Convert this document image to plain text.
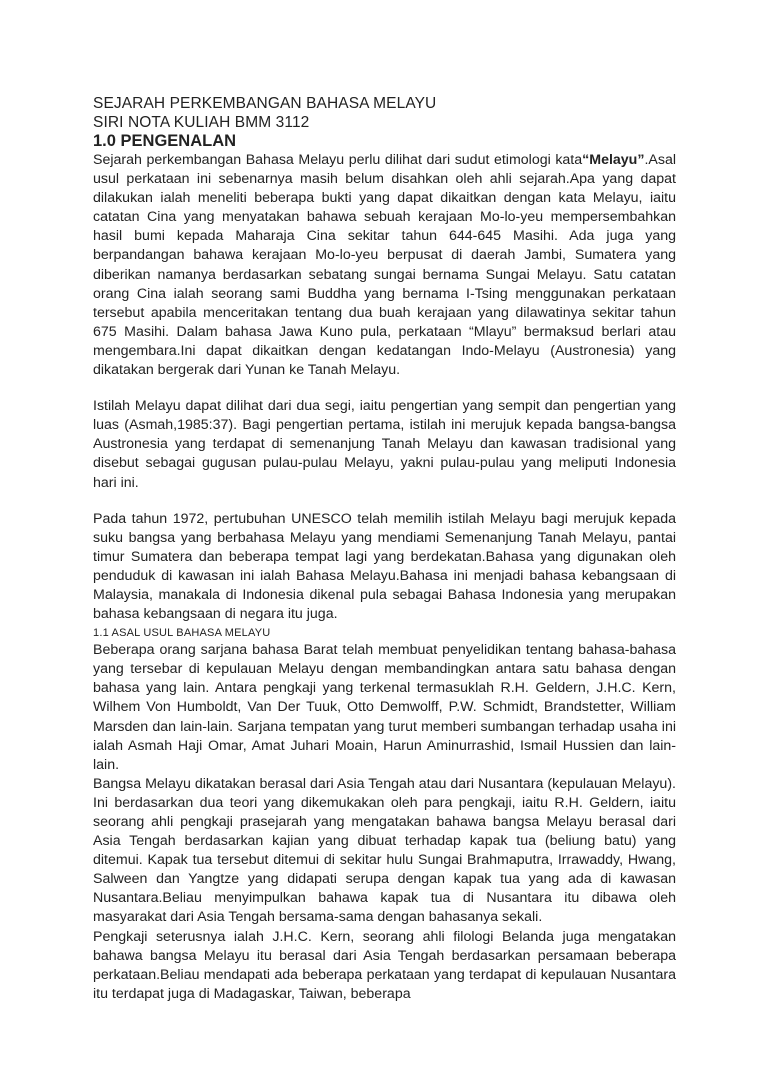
SEJARAH PERKEMBANGAN BAHASA MELAYU

SIRI NOTA KULIAH BMM 3112

1.0 PENGENALAN

Sejarah perkembangan Bahasa Melayu perlu dilihat dari sudut etimologi kata“Melayu”.Asal usul perkataan ini sebenarnya masih belum disahkan oleh ahli sejarah.Apa yang dapat dilakukan ialah meneliti beberapa bukti yang dapat dikaitkan dengan kata Melayu, iaitu catatan Cina yang menyatakan bahawa sebuah kerajaan Mo-lo-yeu mempersembahkan hasil bumi kepada Maharaja Cina sekitar tahun 644-645 Masihi. Ada juga yang berpandangan bahawa kerajaan Mo-lo-yeu berpusat di daerah Jambi, Sumatera yang diberikan namanya berdasarkan sebatang sungai bernama Sungai Melayu. Satu catatan orang Cina ialah seorang sami Buddha yang bernama I-Tsing menggunakan perkataan tersebut apabila menceritakan tentang dua buah kerajaan yang dilawatinya sekitar tahun 675 Masihi. Dalam bahasa Jawa Kuno pula, perkataan “Mlayu” bermaksud berlari atau mengembara.Ini dapat dikaitkan dengan kedatangan Indo-Melayu (Austronesia) yang dikatakan bergerak dari Yunan ke Tanah Melayu.

Istilah Melayu dapat dilihat dari dua segi, iaitu pengertian yang sempit dan pengertian yang luas (Asmah,1985:37). Bagi pengertian pertama, istilah ini merujuk kepada bangsa-bangsa Austronesia yang terdapat di semenanjung Tanah Melayu dan kawasan tradisional yang disebut sebagai gugusan pulau-pulau Melayu, yakni pulau-pulau yang meliputi Indonesia hari ini.

Pada tahun 1972, pertubuhan UNESCO telah memilih istilah Melayu bagi merujuk kepada suku bangsa yang berbahasa Melayu yang mendiami Semenanjung Tanah Melayu, pantai timur Sumatera dan beberapa tempat lagi yang berdekatan.Bahasa yang digunakan oleh penduduk di kawasan ini ialah Bahasa Melayu.Bahasa ini menjadi bahasa kebangsaan di Malaysia, manakala di Indonesia dikenal pula sebagai Bahasa Indonesia yang merupakan bahasa kebangsaan di negara itu juga.

1.1 ASAL USUL BAHASA MELAYU

Beberapa orang sarjana bahasa Barat telah membuat penyelidikan tentang bahasa-bahasa yang tersebar di kepulauan Melayu dengan membandingkan antara satu bahasa dengan bahasa yang lain. Antara pengkaji yang terkenal termasuklah R.H. Geldern, J.H.C. Kern, Wilhem Von Humboldt, Van Der Tuuk, Otto Demwolff, P.W. Schmidt, Brandstetter, William Marsden dan lain-lain. Sarjana tempatan yang turut memberi sumbangan terhadap usaha ini ialah Asmah Haji Omar, Amat Juhari Moain, Harun Aminurrashid, Ismail Hussien dan lain-lain.

Bangsa Melayu dikatakan berasal dari Asia Tengah atau dari Nusantara (kepulauan Melayu). Ini berdasarkan dua teori yang dikemukakan oleh para pengkaji, iaitu R.H. Geldern, iaitu seorang ahli pengkaji prasejarah yang mengatakan bahawa bangsa Melayu berasal dari Asia Tengah berdasarkan kajian yang dibuat terhadap kapak tua (beliung batu) yang ditemui. Kapak tua tersebut ditemui di sekitar hulu Sungai Brahmaputra, Irrawaddy, Hwang, Salween dan Yangtze yang didapati serupa dengan kapak tua yang ada di kawasan Nusantara.Beliau menyimpulkan bahawa kapak tua di Nusantara itu dibawa oleh masyarakat dari Asia Tengah bersama-sama dengan bahasanya sekali.

Pengkaji seterusnya ialah J.H.C. Kern, seorang ahli filologi Belanda juga mengatakan bahawa bangsa Melayu itu berasal dari Asia Tengah berdasarkan persamaan beberapa perkataan.Beliau mendapati ada beberapa perkataan yang terdapat di kepulauan Nusantara itu terdapat juga di Madagaskar, Taiwan, beberapa
